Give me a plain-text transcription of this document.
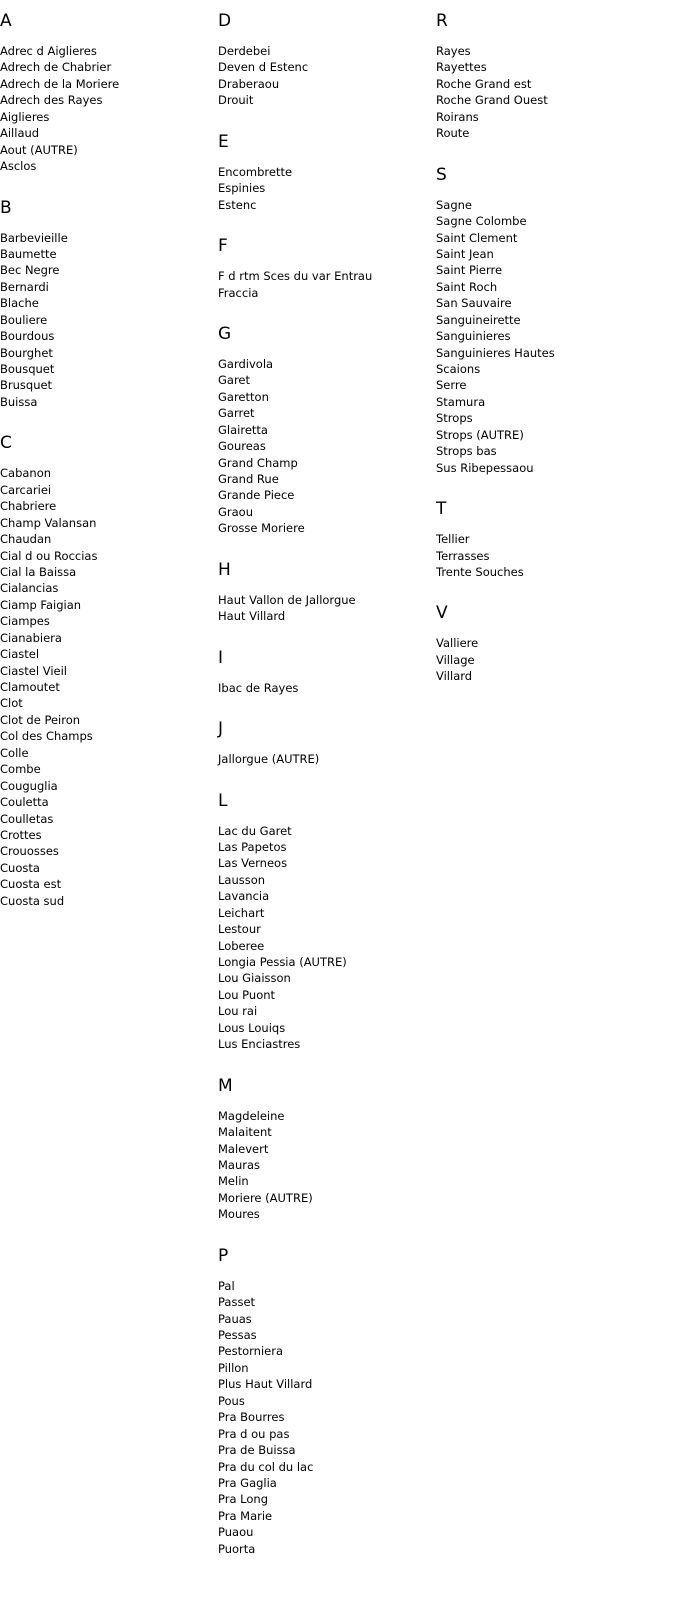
A
Adrec d Aiglieres
Adrech de Chabrier
Adrech de la Moriere
Adrech des Rayes
Aiglieres
Aillaud
Aout (AUTRE)
Asclos
B
Barbevieille
Baumette
Bec Negre
Bernardi
Blache
Bouliere
Bourdous
Bourghet
Bousquet
Brusquet
Buissa
C
Cabanon
Carcariei
Chabriere
Champ Valansan
Chaudan
Cial d ou Roccias
Cial la Baissa
Cialancias
Ciamp Faigian
Ciampes
Cianabiera
Ciastel
Ciastel Vieil
Clamoutet
Clot
Clot de Peiron
Col des Champs
Colle
Combe
Couguglia
Couletta
Coulletas
Crottes
Crouosses
Cuosta
Cuosta est
Cuosta sud
D
Derdebei
Deven d Estenc
Draberaou
Drouit
E
Encombrette
Espinies
Estenc
F
F d rtm Sces du var Entrau
Fraccia
G
Gardivola
Garet
Garetton
Garret
Glairetta
Goureas
Grand Champ
Grand Rue
Grande Piece
Graou
Grosse Moriere
H
Haut Vallon de Jallorgue
Haut Villard
I
Ibac de Rayes
J
Jallorgue (AUTRE)
L
Lac du Garet
Las Papetos
Las Verneos
Lausson
Lavancia
Leichart
Lestour
Loberee
Longia Pessia (AUTRE)
Lou Giaisson
Lou Puont
Lou rai
Lous Louiqs
Lus Enciastres
M
Magdeleine
Malaitent
Malevert
Mauras
Melin
Moriere (AUTRE)
Moures
P
Pal
Passet
Pauas
Pessas
Pestorniera
Pillon
Plus Haut Villard
Pous
Pra Bourres
Pra d ou pas
Pra de Buissa
Pra du col du lac
Pra Gaglia
Pra Long
Pra Marie
Puaou
Puorta
R
Rayes
Rayettes
Roche Grand est
Roche Grand Ouest
Roirans
Route
S
Sagne
Sagne Colombe
Saint Clement
Saint Jean
Saint Pierre
Saint Roch
San Sauvaire
Sanguineirette
Sanguinieres
Sanguinieres Hautes
Scaions
Serre
Stamura
Strops
Strops (AUTRE)
Strops bas
Sus Ribepessaou
T
Tellier
Terrasses
Trente Souches
V
Valliere
Village
Villard
